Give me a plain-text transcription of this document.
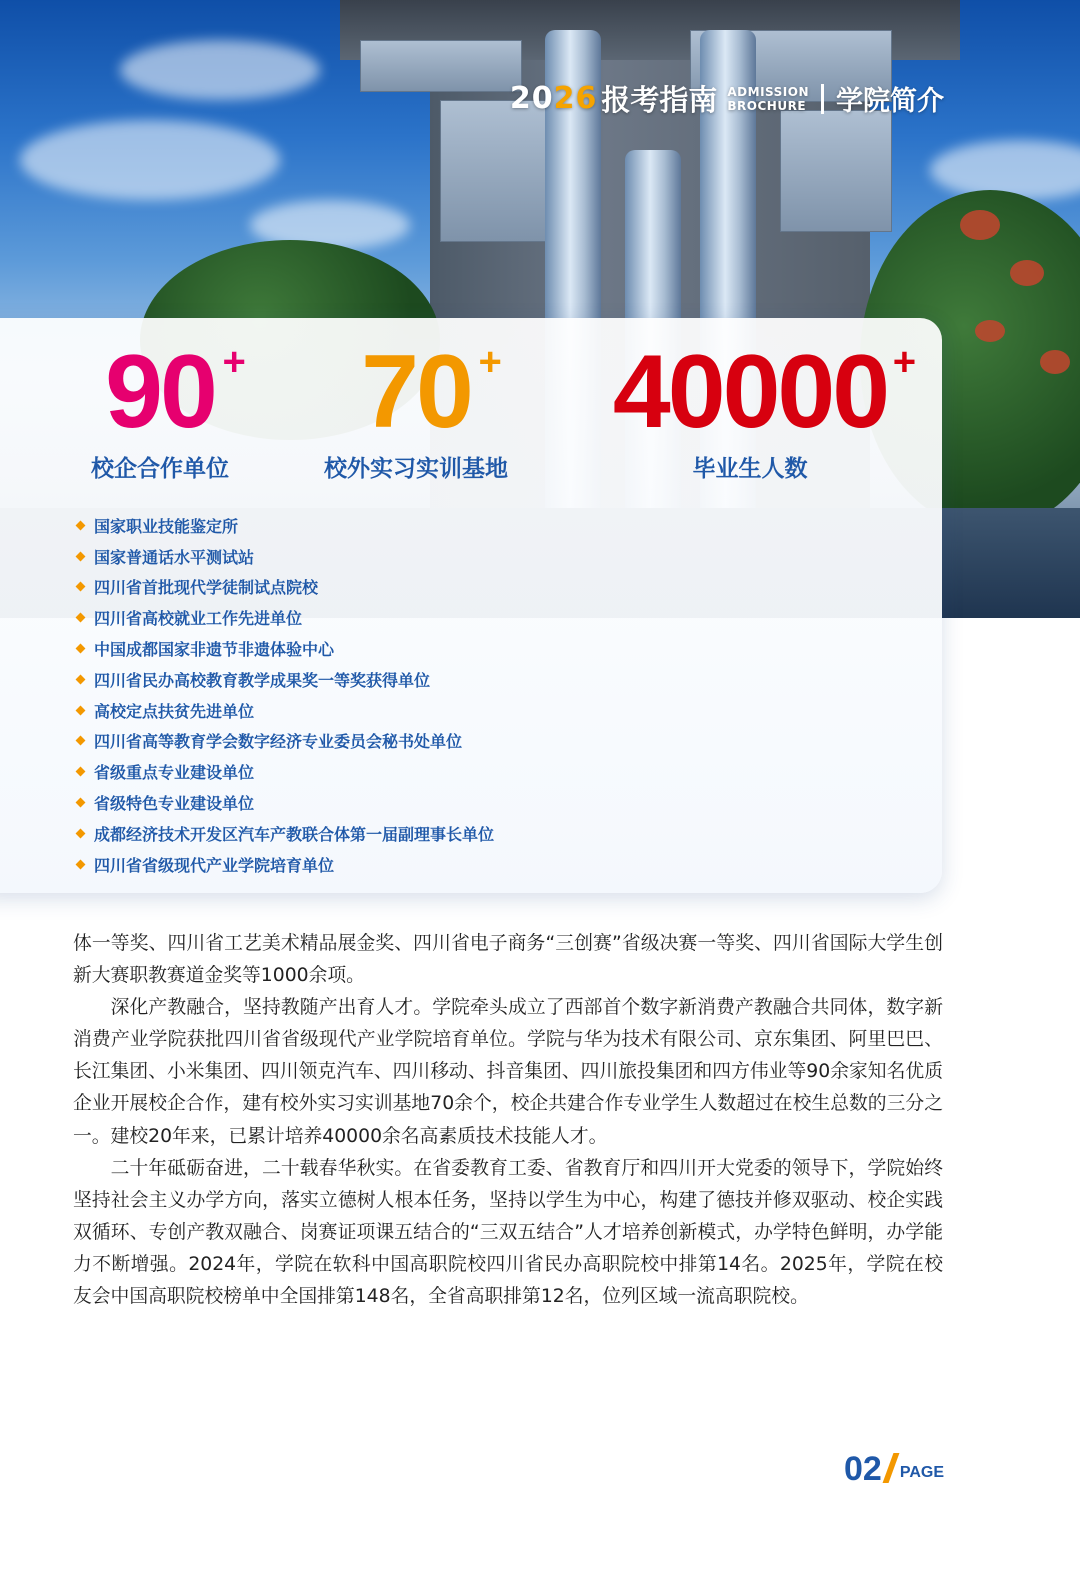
2026 报考指南 ADMISSION
BROCHURE 学院简介
90 +
校企合作单位
70 +
校外实习实训基地
40000 +
毕业生人数
国家职业技能鉴定所
国家普通话水平测试站
四川省首批现代学徒制试点院校
四川省高校就业工作先进单位
中国成都国家非遗节非遗体验中心
四川省民办高校教育教学成果奖一等奖获得单位
高校定点扶贫先进单位
四川省高等教育学会数字经济专业委员会秘书处单位
省级重点专业建设单位
省级特色专业建设单位
成都经济技术开发区汽车产教联合体第一届副理事长单位
四川省省级现代产业学院培育单位

体一等奖、四川省工艺美术精品展金奖、四川省电子商务“三创赛”省级决赛一等奖、四川省国际大学生创新大赛职教赛道金奖等1000余项。

深化产教融合，坚持教随产出育人才。学院牵头成立了西部首个数字新消费产教融合共同体，数字新消费产业学院获批四川省省级现代产业学院培育单位。学院与华为技术有限公司、京东集团、阿里巴巴、长江集团、小米集团、四川领克汽车、四川移动、抖音集团、四川旅投集团和四方伟业等90余家知名优质企业开展校企合作，建有校外实习实训基地70余个，校企共建合作专业学生人数超过在校生总数的三分之一。建校20年来，已累计培养40000余名高素质技术技能人才。

二十年砥砺奋进，二十载春华秋实。在省委教育工委、省教育厅和四川开大党委的领导下，学院始终坚持社会主义办学方向，落实立德树人根本任务，坚持以学生为中心，构建了德技并修双驱动、校企实践双循环、专创产教双融合、岗赛证项课五结合的“三双五结合”人才培养创新模式，办学特色鲜明，办学能力不断增强。2024年，学院在软科中国高职院校四川省民办高职院校中排第14名。2025年，学院在校友会中国高职院校榜单中全国排第148名，全省高职排第12名，位列区域一流高职院校。

02 PAGE
